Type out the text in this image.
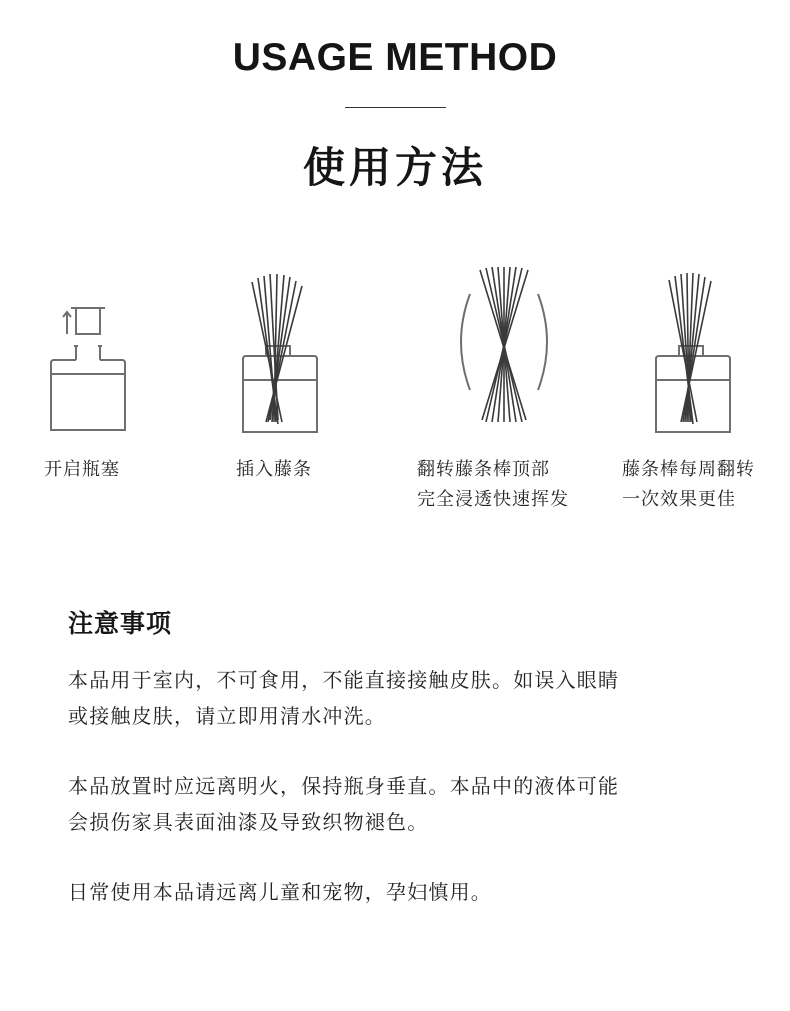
USAGE METHOD
使用方法
开启瓶塞	插入藤条	翻转藤条棒顶部
完全浸透快速挥发
藤条棒每周翻转
一次效果更佳
注意事项
本品用于室内，不可食用，不能直接接触皮肤。如误入眼睛
或接触皮肤，请立即用清水冲洗。
本品放置时应远离明火，保持瓶身垂直。本品中的液体可能
会损伤家具表面油漆及导致织物褪色。
日常使用本品请远离儿童和宠物，孕妇慎用。
